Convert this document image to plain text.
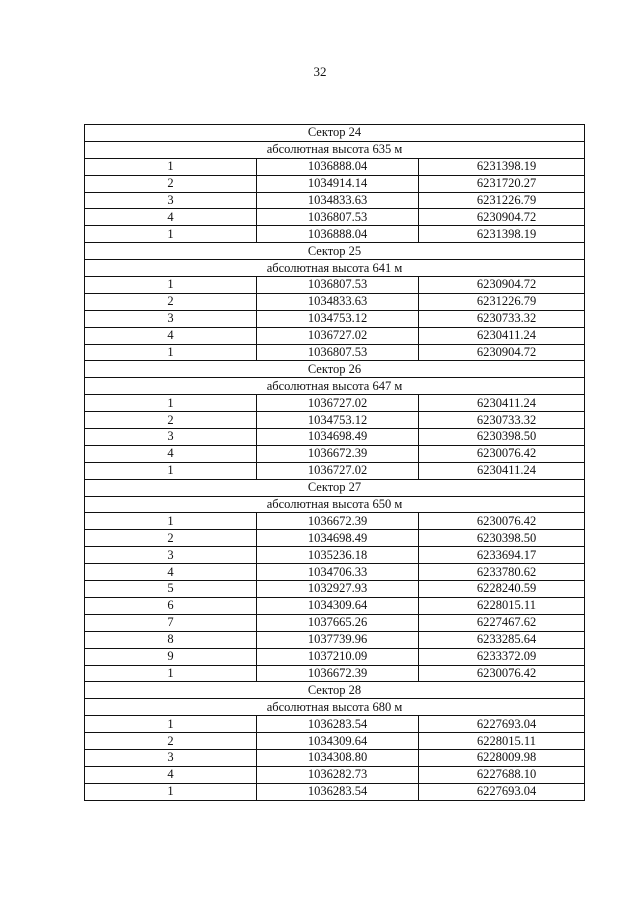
32
Сектор 24		
абсолютная высота 635 м		
1	1036888.04	6231398.19
2	1034914.14	6231720.27
3	1034833.63	6231226.79
4	1036807.53	6230904.72
1	1036888.04	6231398.19
Сектор 25		
абсолютная высота 641 м		
1	1036807.53	6230904.72
2	1034833.63	6231226.79
3	1034753.12	6230733.32
4	1036727.02	6230411.24
1	1036807.53	6230904.72
Сектор 26		
абсолютная высота 647 м		
1	1036727.02	6230411.24
2	1034753.12	6230733.32
3	1034698.49	6230398.50
4	1036672.39	6230076.42
1	1036727.02	6230411.24
Сектор 27		
абсолютная высота 650 м		
1	1036672.39	6230076.42
2	1034698.49	6230398.50
3	1035236.18	6233694.17
4	1034706.33	6233780.62
5	1032927.93	6228240.59
6	1034309.64	6228015.11
7	1037665.26	6227467.62
8	1037739.96	6233285.64
9	1037210.09	6233372.09
1	1036672.39	6230076.42
Сектор 28		
абсолютная высота 680 м		
1	1036283.54	6227693.04
2	1034309.64	6228015.11
3	1034308.80	6228009.98
4	1036282.73	6227688.10
1	1036283.54	6227693.04
